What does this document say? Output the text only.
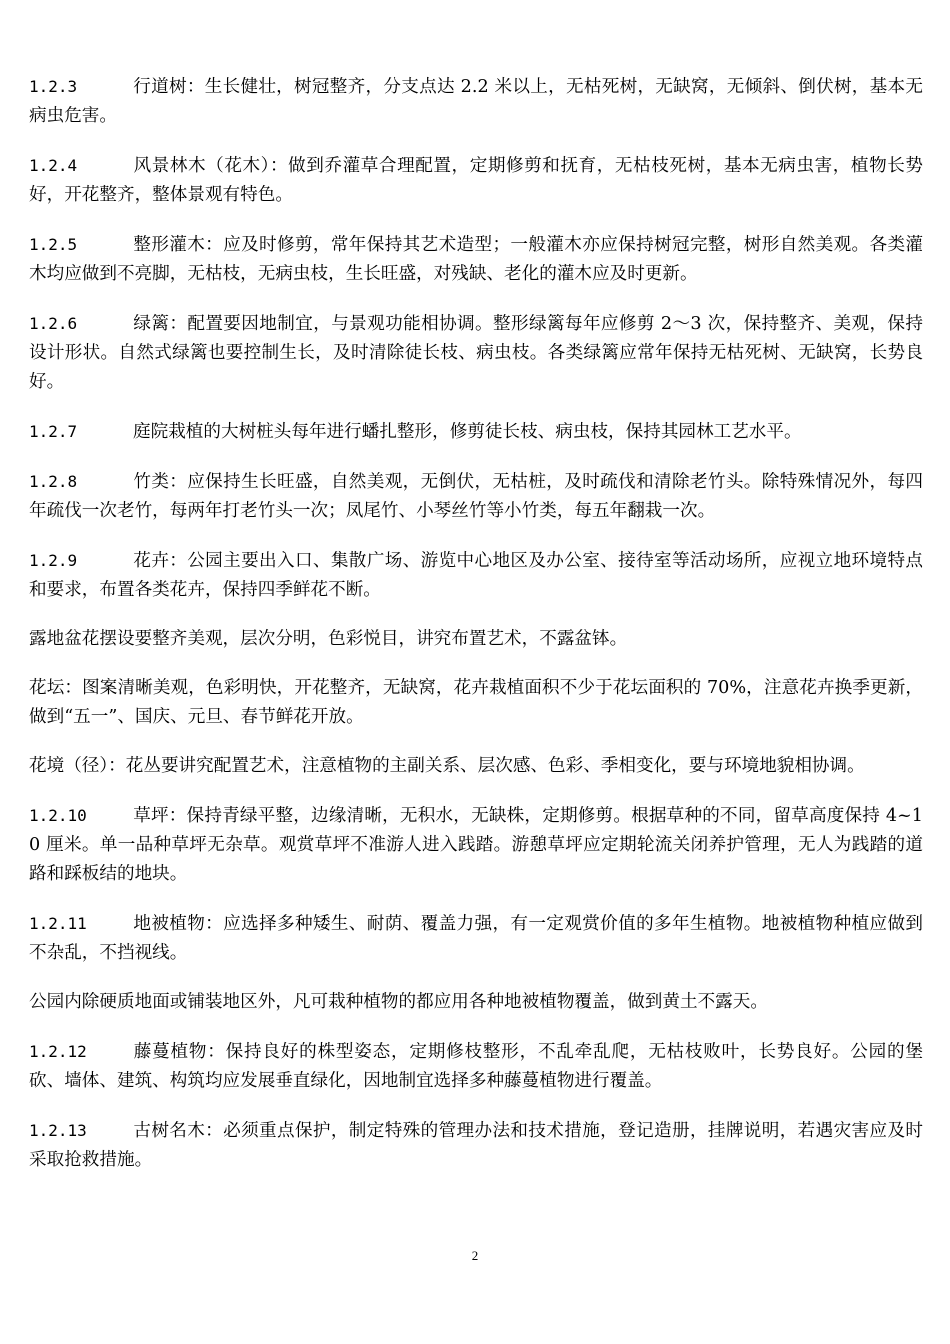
1.2.3	行道树：生长健壮，树冠整齐，分支点达 2.2 米以上，无枯死树，无缺窝，无倾斜、倒伏树，基本无病虫危害。

1.2.4	风景林木（花木）：做到乔灌草合理配置，定期修剪和抚育，无枯枝死树，基本无病虫害，植物长势好，开花整齐，整体景观有特色。

1.2.5	整形灌木：应及时修剪，常年保持其艺术造型；一般灌木亦应保持树冠完整，树形自然美观。各类灌木均应做到不亮脚，无枯枝，无病虫枝，生长旺盛，对残缺、老化的灌木应及时更新。

1.2.6	绿篱：配置要因地制宜，与景观功能相协调。整形绿篱每年应修剪 2～3 次，保持整齐、美观，保持设计形状。自然式绿篱也要控制生长，及时清除徒长枝、病虫枝。各类绿篱应常年保持无枯死树、无缺窝，长势良好。

1.2.7	庭院栽植的大树桩头每年进行蟠扎整形，修剪徒长枝、病虫枝，保持其园林工艺水平。

1.2.8	竹类：应保持生长旺盛，自然美观，无倒伏，无枯桩，及时疏伐和清除老竹头。除特殊情况外，每四年疏伐一次老竹，每两年打老竹头一次；凤尾竹、小琴丝竹等小竹类，每五年翻栽一次。

1.2.9	花卉：公园主要出入口、集散广场、游览中心地区及办公室、接待室等活动场所，应视立地环境特点和要求，布置各类花卉，保持四季鲜花不断。

露地盆花摆设要整齐美观，层次分明，色彩悦目，讲究布置艺术，不露盆钵。

花坛：图案清晰美观，色彩明快，开花整齐，无缺窝，花卉栽植面积不少于花坛面积的 70%，注意花卉换季更新，做到“五一”、国庆、元旦、春节鲜花开放。

花境（径）：花丛要讲究配置艺术，注意植物的主副关系、层次感、色彩、季相变化，要与环境地貌相协调。

1.2.10	草坪：保持青绿平整，边缘清晰，无积水，无缺株，定期修剪。根据草种的不同，留草高度保持 4~10 厘米。单一品种草坪无杂草。观赏草坪不准游人进入践踏。游憩草坪应定期轮流关闭养护管理，无人为践踏的道路和踩板结的地块。

1.2.11	地被植物：应选择多种矮生、耐荫、覆盖力强，有一定观赏价值的多年生植物。地被植物种植应做到不杂乱，不挡视线。

公园内除硬质地面或铺装地区外，凡可栽种植物的都应用各种地被植物覆盖，做到黄土不露天。

1.2.12	藤蔓植物：保持良好的株型姿态，定期修枝整形，不乱牵乱爬，无枯枝败叶，长势良好。公园的堡砍、墙体、建筑、构筑均应发展垂直绿化，因地制宜选择多种藤蔓植物进行覆盖。

1.2.13	古树名木：必须重点保护，制定特殊的管理办法和技术措施，登记造册，挂牌说明，若遇灾害应及时采取抢救措施。

2
